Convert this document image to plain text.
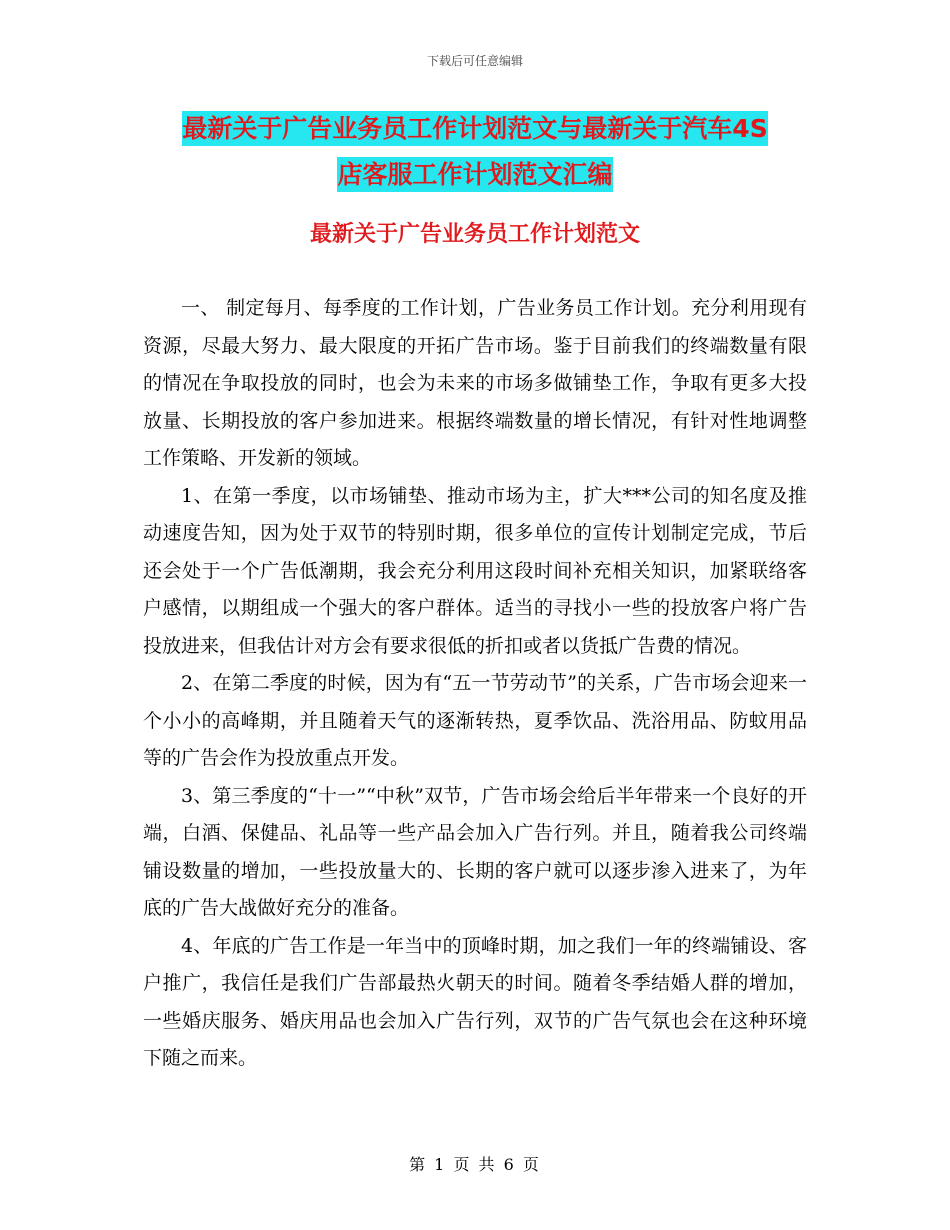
下载后可任意编辑
最新关于广告业务员工作计划范文与最新关于汽车4S
店客服工作计划范文汇编
最新关于广告业务员工作计划范文

一、 制定每月、每季度的工作计划，广告业务员工作计划。充分利用现有资源，尽最大努力、最大限度的开拓广告市场。鉴于目前我们的终端数量有限的情况在争取投放的同时，也会为未来的市场多做铺垫工作，争取有更多大投放量、长期投放的客户参加进来。根据终端数量的增长情况，有针对性地调整工作策略、开发新的领域。

1、在第一季度，以市场铺垫、推动市场为主，扩大***公司的知名度及推动速度告知，因为处于双节的特别时期，很多单位的宣传计划制定完成，节后还会处于一个广告低潮期，我会充分利用这段时间补充相关知识，加紧联络客户感情，以期组成一个强大的客户群体。适当的寻找小一些的投放客户将广告投放进来，但我估计对方会有要求很低的折扣或者以货抵广告费的情况。

2、在第二季度的时候，因为有“五一节劳动节”的关系，广告市场会迎来一个小小的高峰期，并且随着天气的逐渐转热，夏季饮品、洗浴用品、防蚊用品等的广告会作为投放重点开发。

3、第三季度的“十一”“中秋”双节，广告市场会给后半年带来一个良好的开端，白酒、保健品、礼品等一些产品会加入广告行列。并且，随着我公司终端铺设数量的增加，一些投放量大的、长期的客户就可以逐步渗入进来了，为年底的广告大战做好充分的准备。

4、年底的广告工作是一年当中的顶峰时期，加之我们一年的终端铺设、客户推广，我信任是我们广告部最热火朝天的时间。随着冬季结婚人群的增加，一些婚庆服务、婚庆用品也会加入广告行列，双节的广告气氛也会在这种环境下随之而来。

第 1 页 共 6 页
